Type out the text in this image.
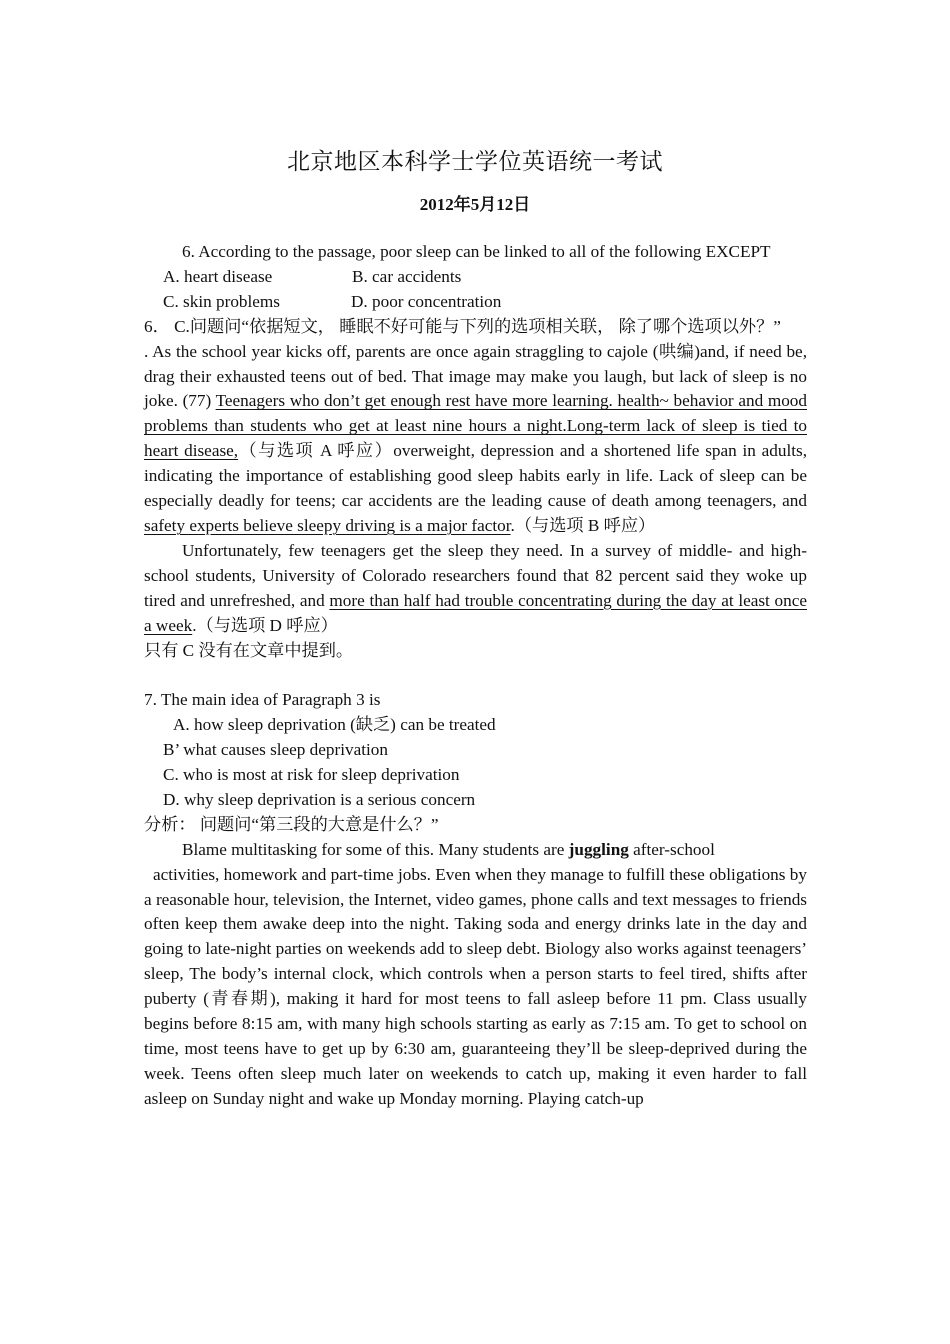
北京地区本科学士学位英语统一考试
2012年5月12日

6. According to the passage, poor sleep can be linked to all of the following EXCEPT

A. heart disease	B. car accidents

C. skin problems	D. poor concentration

6． C.问题问“依据短文， 睡眠不好可能与下列的选项相关联， 除了哪个选项以外？”

. As the school year kicks off, parents are once again straggling to cajole (哄编)and, if need be, drag their exhausted teens out of bed. That image may make you laugh, but lack of sleep is no joke. (77) Teenagers who don’t get enough rest have more learning. health~ behavior and mood problems than students who get at least nine hours a night.Long-term lack of sleep is tied to heart disease,（与选项 A 呼应）overweight, depression and a shortened life span in adults, indicating the importance of establishing good sleep habits early in life. Lack of sleep can be especially deadly for teens; car accidents are the leading cause of death among teenagers, and safety experts believe sleepy driving is a major factor.（与选项 B 呼应）

Unfortunately, few teenagers get the sleep they need. In a survey of middle- and high-school students, University of Colorado researchers found that 82 percent said they woke up tired and unrefreshed, and more than half had trouble concentrating during the day at least once a week.（与选项 D 呼应）

只有 C 没有在文章中提到。

7. The main idea of Paragraph 3 is

A. how sleep deprivation (缺乏) can be treated

B’ what causes sleep deprivation

C. who is most at risk for sleep deprivation

D. why sleep deprivation is a serious concern

分析： 问题问“第三段的大意是什么？”

Blame multitasking for some of this. Many students are juggling after-school

activities, homework and part-time jobs. Even when they manage to fulfill these obligations by a reasonable hour, television, the Internet, video games, phone calls and text messages to friends often keep them awake deep into the night. Taking soda and energy drinks late in the day and going to late-night parties on weekends add to sleep debt. Biology also works against teenagers’ sleep, The body’s internal clock, which controls when a person starts to feel tired, shifts after puberty (青春期), making it hard for most teens to fall asleep before 11 pm. Class usually begins before 8:15 am, with many high schools starting as early as 7:15 am. To get to school on time, most teens have to get up by 6:30 am, guaranteeing they’ll be sleep-deprived during the week. Teens often sleep much later on weekends to catch up, making it even harder to fall asleep on Sunday night and wake up Monday morning. Playing catch-up
